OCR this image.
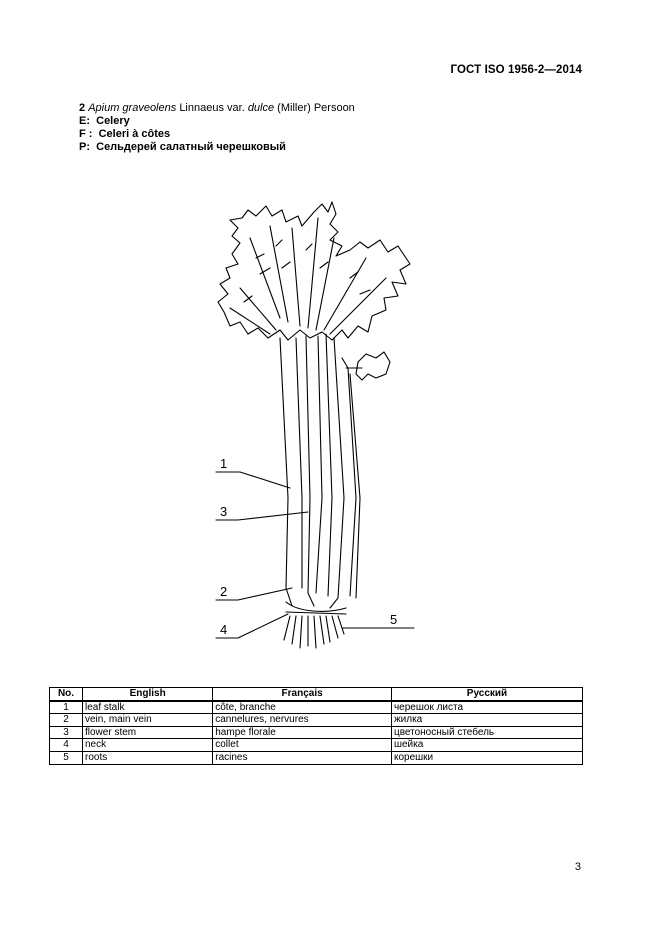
ГОСТ ISO 1956-2—2014
2 Apium graveolens Linnaeus var. dulce (Miller) Persoon
E: Celery
F : Celeri à côtes
P: Сельдерей салатный черешковый
1
3
2
4
5
No.	English	Français	Русский
1	leaf stalk	côte, branche	черешок листа
2	vein, main vein	cannelures, nervures	жилка
3	flower stem	hampe florale	цветоносный стебель
4	neck	collet	шейка
5	roots	racines	корешки
3
